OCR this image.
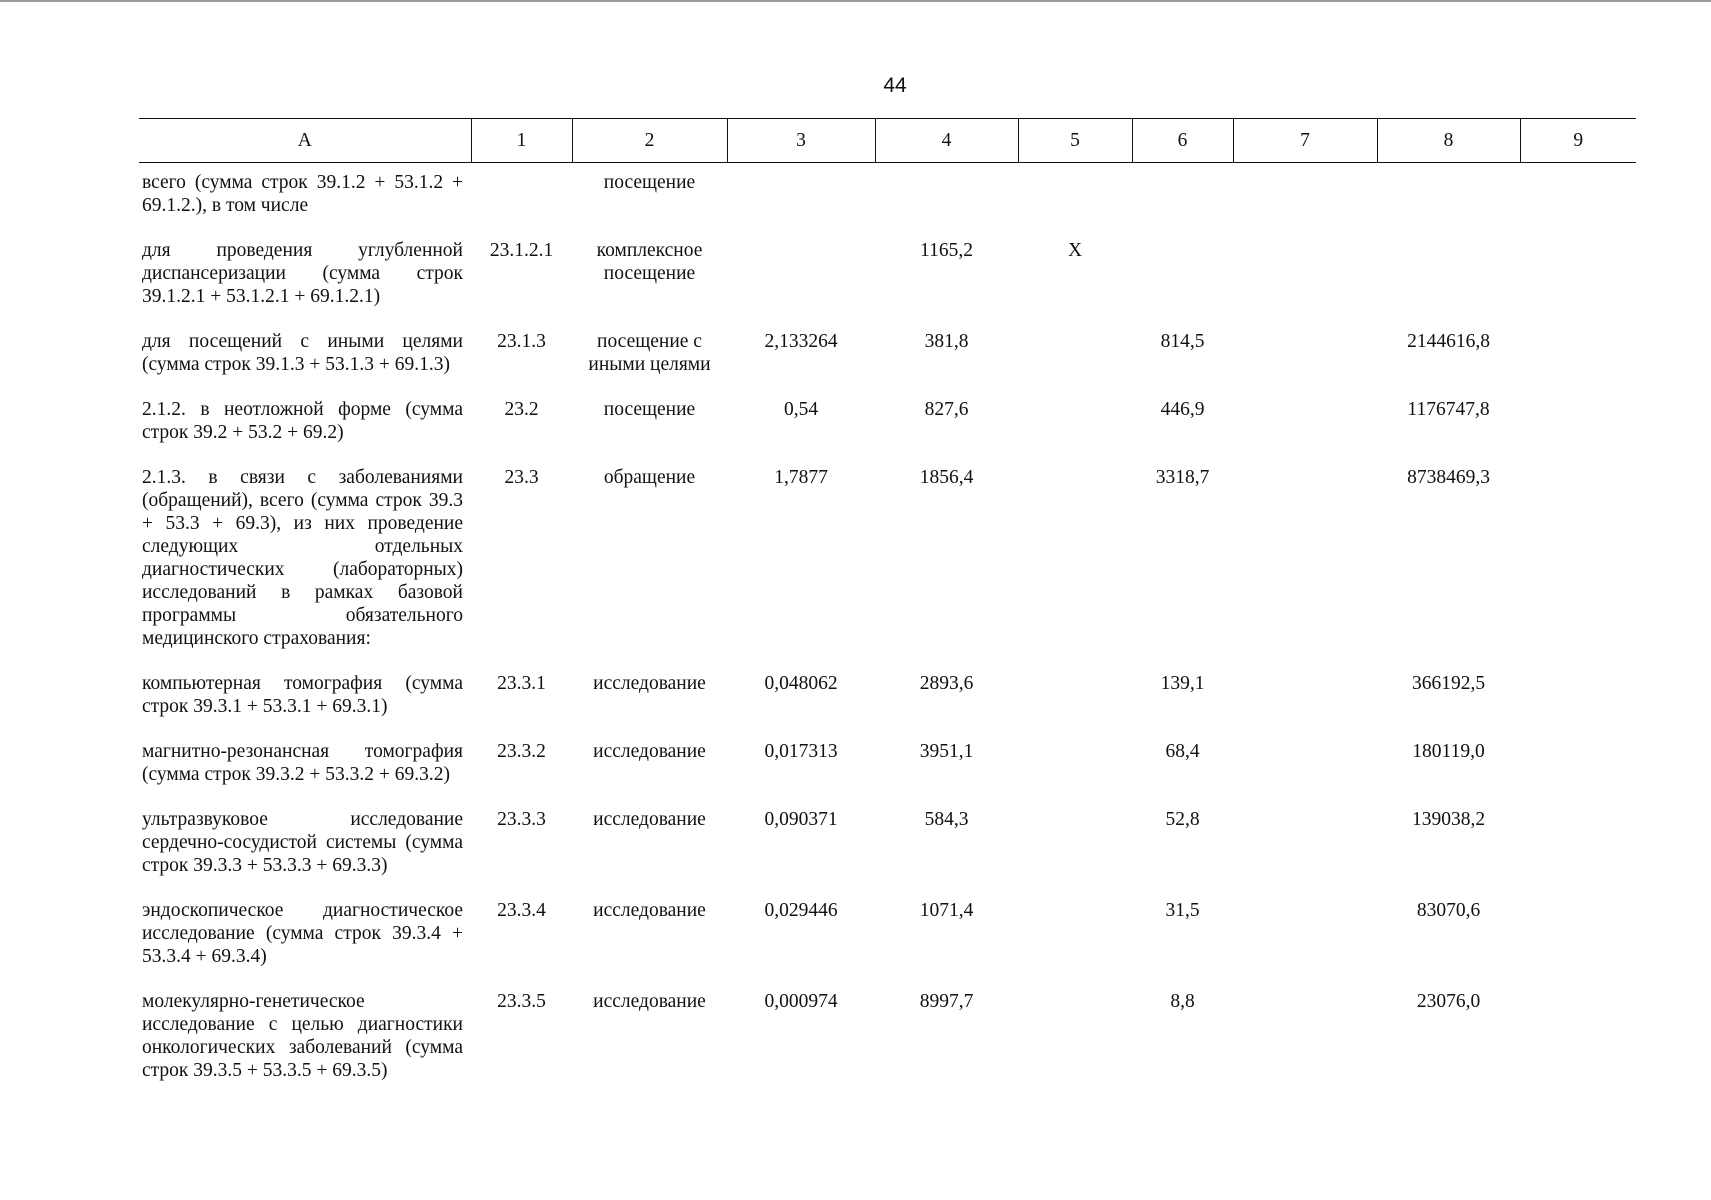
44
А	1	2	3	4	5	6	7	8	9
всего (сумма строк 39.1.2 + 53.1.2 + 69.1.2.), в том числе		посещение							
для проведения углубленной диспансеризации (сумма строк 39.1.2.1 + 53.1.2.1 + 69.1.2.1)	23.1.2.1	комплексное посещение		1165,2	Х				
для посещений с иными целями (сумма строк 39.1.3 + 53.1.3 + 69.1.3)	23.1.3	посещение с иными целями	2,133264	381,8		814,5		2144616,8	
2.1.2. в неотложной форме (сумма строк 39.2 + 53.2 + 69.2)	23.2	посещение	0,54	827,6		446,9		1176747,8	
2.1.3. в связи с заболеваниями (обращений), всего (сумма строк 39.3 + 53.3 + 69.3), из них проведение следующих отдельных диагностических (лабораторных) исследований в рамках базовой программы обязательного медицинского страхования:	23.3	обращение	1,7877	1856,4		3318,7		8738469,3	
компьютерная томография (сумма строк 39.3.1 + 53.3.1 + 69.3.1)	23.3.1	исследование	0,048062	2893,6		139,1		366192,5	
магнитно-резонансная томография (сумма строк 39.3.2 + 53.3.2 + 69.3.2)	23.3.2	исследование	0,017313	3951,1		68,4		180119,0	
ультразвуковое исследование сердечно-сосудистой системы (сумма строк 39.3.3 + 53.3.3 + 69.3.3)	23.3.3	исследование	0,090371	584,3		52,8		139038,2	
эндоскопическое диагностическое исследование (сумма строк 39.3.4 + 53.3.4 + 69.3.4)	23.3.4	исследование	0,029446	1071,4		31,5		83070,6	
молекулярно-генетическое исследование с целью диагностики онкологических заболеваний (сумма строк 39.3.5 + 53.3.5 + 69.3.5)	23.3.5	исследование	0,000974	8997,7		8,8		23076,0	
